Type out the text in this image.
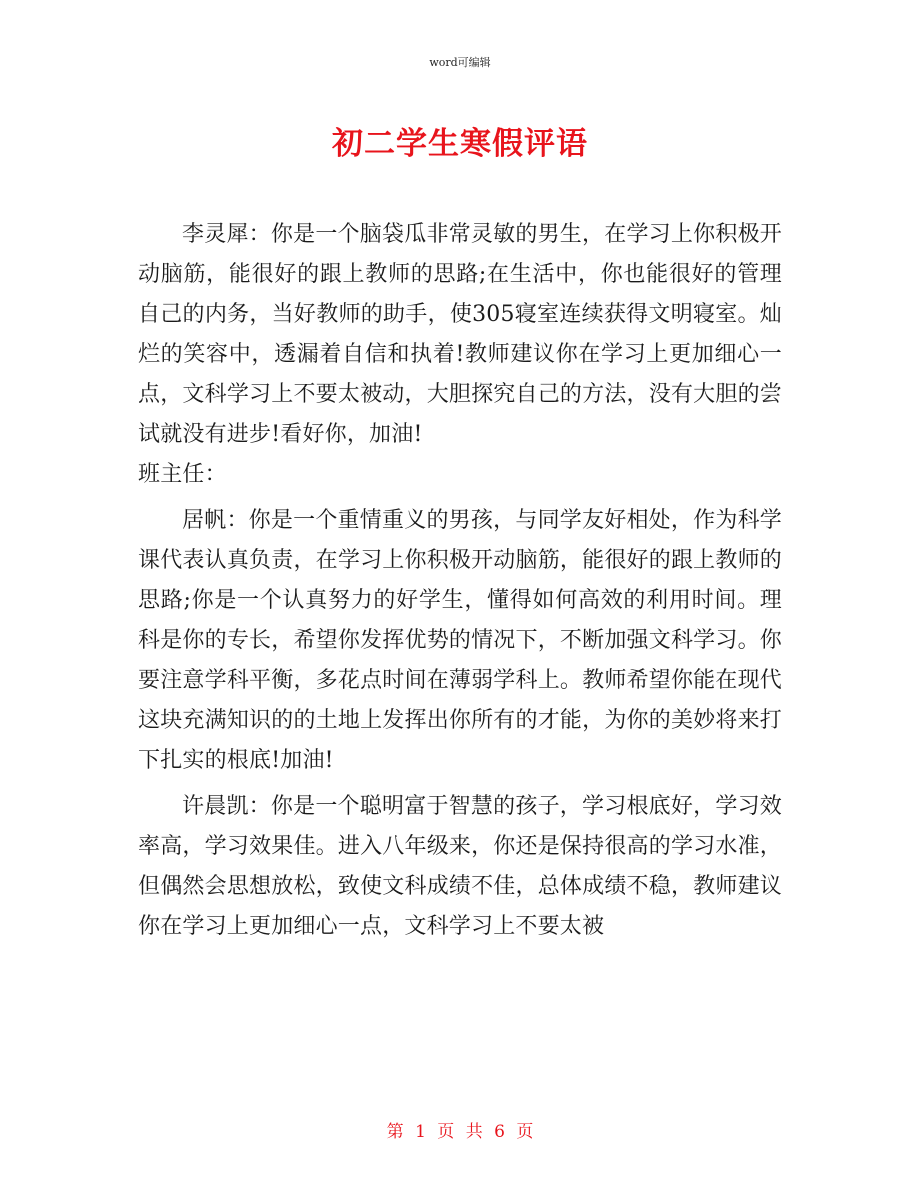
word可编辑
初二学生寒假评语

李灵犀：你是一个脑袋瓜非常灵敏的男生，在学习上你积极开动脑筋，能很好的跟上教师的思路;在生活中，你也能很好的管理自己的内务，当好教师的助手，使305寝室连续获得文明寝室。灿烂的笑容中，透漏着自信和执着!教师建议你在学习上更加细心一点，文科学习上不要太被动，大胆探究自己的方法，没有大胆的尝试就没有进步!看好你，加油!

班主任：

居帆：你是一个重情重义的男孩，与同学友好相处，作为科学课代表认真负责，在学习上你积极开动脑筋，能很好的跟上教师的思路;你是一个认真努力的好学生，懂得如何高效的利用时间。理科是你的专长，希望你发挥优势的情况下，不断加强文科学习。你要注意学科平衡，多花点时间在薄弱学科上。教师希望你能在现代这块充满知识的的土地上发挥出你所有的才能，为你的美妙将来打下扎实的根底!加油!

许晨凯：你是一个聪明富于智慧的孩子，学习根底好，学习效率高，学习效果佳。进入八年级来，你还是保持很高的学习水准，但偶然会思想放松，致使文科成绩不佳，总体成绩不稳，教师建议你在学习上更加细心一点，文科学习上不要太被

第 1 页 共 6 页
